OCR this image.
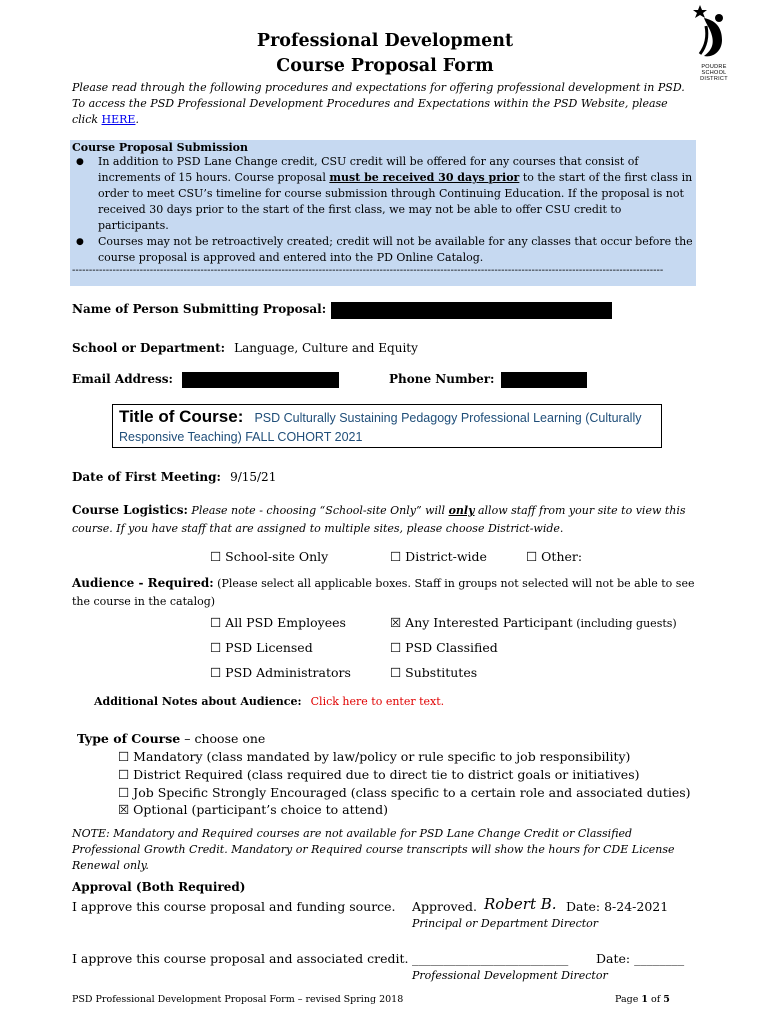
POUDRE SCHOOL DISTRICT
Professional Development
Course Proposal Form
Please read through the following procedures and expectations for offering professional development in PSD. To access the PSD Professional Development Procedures and Expectations within the PSD Website, please click HERE.
Course Proposal Submission
● In addition to PSD Lane Change credit, CSU credit will be offered for any courses that consist of increments of 15 hours. Course proposal must be received 30 days prior to the start of the first class in order to meet CSU’s timeline for course submission through Continuing Education. If the proposal is not received 30 days prior to the start of the first class, we may not be able to offer CSU credit to participants.
● Courses may not be retroactively created; credit will not be available for any classes that occur before the course proposal is approved and entered into the PD Online Catalog.
-------------------------------------------------------------------------------------------------------------------------------------------------------------------------------
Name of Person Submitting Proposal:
School or Department: Language, Culture and Equity
Email Address:	Phone Number:
Title of Course: PSD Culturally Sustaining Pedagogy Professional Learning (Culturally Responsive Teaching) FALL COHORT 2021
Date of First Meeting: 9/15/21
Course Logistics: Please note - choosing “School-site Only” will only allow staff from your site to view this course. If you have staff that are assigned to multiple sites, please choose District-wide.
☐ School-site Only	☐ District-wide	☐ Other:
Audience - Required: (Please select all applicable boxes. Staff in groups not selected will not be able to see the course in the catalog)
☐ All PSD Employees	☒ Any Interested Participant (including guests)
☐ PSD Licensed	☐ PSD Classified
☐ PSD Administrators	☐ Substitutes
Additional Notes about Audience: Click here to enter text.
Type of Course – choose one
☐ Mandatory (class mandated by law/policy or rule specific to job responsibility)
☐ District Required (class required due to direct tie to district goals or initiatives)
☐ Job Specific Strongly Encouraged (class specific to a certain role and associated duties)
☒ Optional (participant’s choice to attend)
NOTE: Mandatory and Required courses are not available for PSD Lane Change Credit or Classified Professional Growth Credit. Mandatory or Required course transcripts will show the hours for CDE License Renewal only.
Approval (Both Required)
I approve this course proposal and funding source. Approved. Robert B. Date: 8-24-2021
Principal or Department Director
I approve this course proposal and associated credit. _________________________ Date: ________
Professional Development Director
PSD Professional Development Proposal Form – revised Spring 2018	Page 1 of 5
